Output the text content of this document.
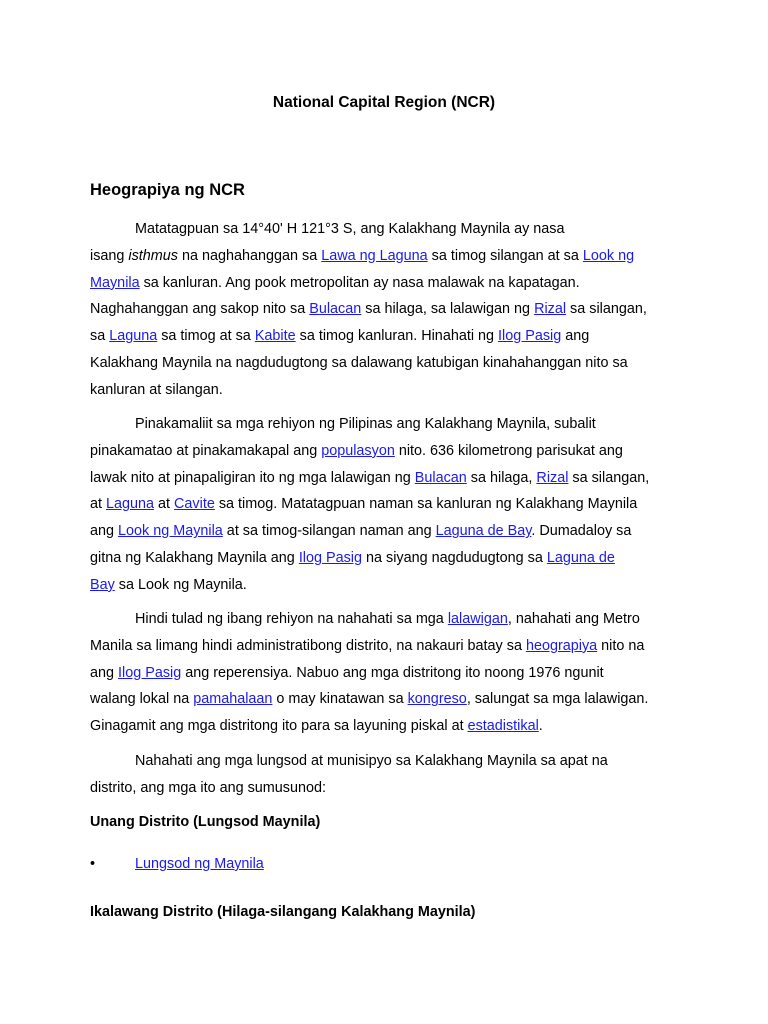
National Capital Region (NCR)
Heograpiya ng NCR
Matatagpuan sa 14°40' H 121°3 S, ang Kalakhang Maynila ay nasa
isang isthmus na naghahanggan sa Lawa ng Laguna sa timog silangan at sa Look ng
Maynila sa kanluran. Ang pook metropolitan ay nasa malawak na kapatagan.
Naghahanggan ang sakop nito sa Bulacan sa hilaga, sa lalawigan ng Rizal sa silangan,
sa Laguna sa timog at sa Kabite sa timog kanluran. Hinahati ng Ilog Pasig ang
Kalakhang Maynila na nagdudugtong sa dalawang katubigan kinahahanggan nito sa
kanluran at silangan.
Pinakamaliit sa mga rehiyon ng Pilipinas ang Kalakhang Maynila, subalit
pinakamatao at pinakamakapal ang populasyon nito. 636 kilometrong parisukat ang
lawak nito at pinapaligiran ito ng mga lalawigan ng Bulacan sa hilaga, Rizal sa silangan,
at Laguna at Cavite sa timog. Matatagpuan naman sa kanluran ng Kalakhang Maynila
ang Look ng Maynila at sa timog-silangan naman ang Laguna de Bay. Dumadaloy sa
gitna ng Kalakhang Maynila ang Ilog Pasig na siyang nagdudugtong sa Laguna de
Bay sa Look ng Maynila.
Hindi tulad ng ibang rehiyon na nahahati sa mga lalawigan, nahahati ang Metro
Manila sa limang hindi administratibong distrito, na nakauri batay sa heograpiya nito na
ang Ilog Pasig ang reperensiya. Nabuo ang mga distritong ito noong 1976 ngunit
walang lokal na pamahalaan o may kinatawan sa kongreso, salungat sa mga lalawigan.
Ginagamit ang mga distritong ito para sa layuning piskal at estadistikal.
Nahahati ang mga lungsod at munisipyo sa Kalakhang Maynila sa apat na
distrito, ang mga ito ang sumusunod:
Unang Distrito (Lungsod Maynila)
•	Lungsod ng Maynila
Ikalawang Distrito (Hilaga-silangang Kalakhang Maynila)
